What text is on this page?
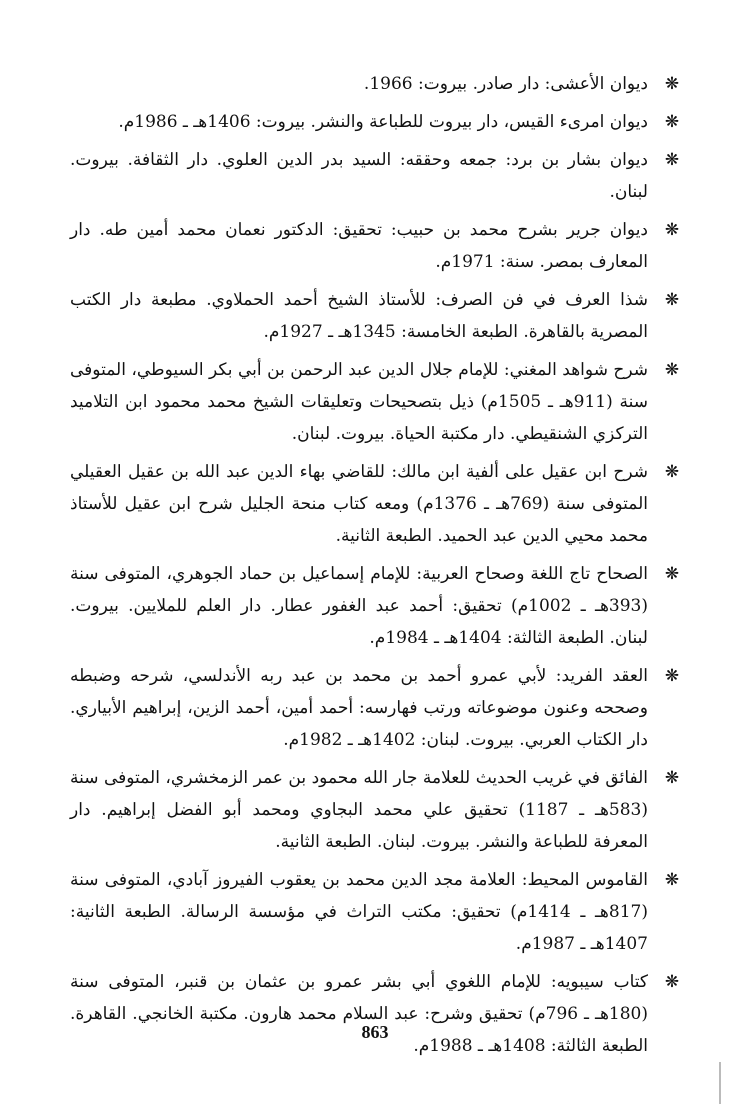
❋
ديوان الأعشى: دار صادر. بيروت: 1966.
❋
ديوان امرىء القيس، دار بيروت للطباعة والنشر. بيروت: 1406هـ ـ 1986م.
❋
ديوان بشار بن برد: جمعه وحققه: السيد بدر الدين العلوي. دار الثقافة. بيروت. لبنان.
❋
ديوان جرير بشرح محمد بن حبيب: تحقيق: الدكتور نعمان محمد أمين طه. دار المعارف بمصر. سنة: 1971م.
❋
شذا العرف في فن الصرف: للأستاذ الشيخ أحمد الحملاوي. مطبعة دار الكتب المصرية بالقاهرة. الطبعة الخامسة: 1345هـ ـ 1927م.
❋
شرح شواهد المغني: للإمام جلال الدين عبد الرحمن بن أبي بكر السيوطي، المتوفى سنة (911هـ ـ 1505م) ذيل بتصحيحات وتعليقات الشيخ محمد محمود ابن التلاميد التركزي الشنقيطي. دار مكتبة الحياة. بيروت. لبنان.
❋
شرح ابن عقيل على ألفية ابن مالك: للقاضي بهاء الدين عبد الله بن عقيل العقيلي المتوفى سنة (769هـ ـ 1376م) ومعه كتاب منحة الجليل شرح ابن عقيل للأستاذ محمد محيي الدين عبد الحميد. الطبعة الثانية.
❋
الصحاح تاج اللغة وصحاح العربية: للإمام إسماعيل بن حماد الجوهري، المتوفى سنة (393هـ ـ 1002م) تحقيق: أحمد عبد الغفور عطار. دار العلم للملايين. بيروت. لبنان. الطبعة الثالثة: 1404هـ ـ 1984م.
❋
العقد الفريد: لأبي عمرو أحمد بن محمد بن عبد ربه الأندلسي، شرحه وضبطه وصححه وعنون موضوعاته ورتب فهارسه: أحمد أمين، أحمد الزين، إبراهيم الأبياري. دار الكتاب العربي. بيروت. لبنان: 1402هـ ـ 1982م.
❋
الفائق في غريب الحديث للعلامة جار الله محمود بن عمر الزمخشري، المتوفى سنة (583هـ ـ 1187) تحقيق علي محمد البجاوي ومحمد أبو الفضل إبراهيم. دار المعرفة للطباعة والنشر. بيروت. لبنان. الطبعة الثانية.
❋
القاموس المحيط: العلامة مجد الدين محمد بن يعقوب الفيروز آبادي، المتوفى سنة (817هـ ـ 1414م) تحقيق: مكتب التراث في مؤسسة الرسالة. الطبعة الثانية: 1407هـ ـ 1987م.
❋
كتاب سيبويه: للإمام اللغوي أبي بشر عمرو بن عثمان بن قنبر، المتوفى سنة (180هـ ـ 796م) تحقيق وشرح: عبد السلام محمد هارون. مكتبة الخانجي. القاهرة. الطبعة الثالثة: 1408هـ ـ 1988م.
863
